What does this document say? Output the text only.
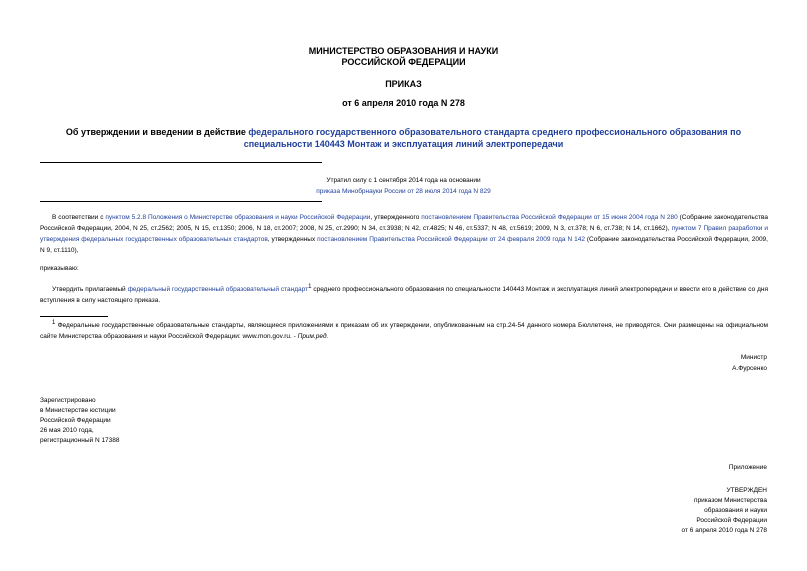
МИНИСТЕРСТВО ОБРАЗОВАНИЯ И НАУКИ
РОССИЙСКОЙ ФЕДЕРАЦИИ
ПРИКАЗ
от 6 апреля 2010 года N 278
Об утверждении и введении в действие федерального государственного образовательного стандарта среднего профессионального образования по специальности 140443 Монтаж и эксплуатация линий электропередачи
Утратил силу с 1 сентября 2014 года на основании
приказа Минобрнауки России от 28 июля 2014 года N 829
В соответствии с пунктом 5.2.8 Положения о Министерстве образования и науки Российской Федерации, утвержденного постановлением Правительства Российской Федерации от 15 июня 2004 года N 280 (Собрание законодательства Российской Федерации, 2004, N 25, ст.2562; 2005, N 15, ст.1350; 2006, N 18, ст.2007; 2008, N 25, ст.2990; N 34, ст.3938; N 42, ст.4825; N 46, ст.5337; N 48, ст.5619; 2009, N 3, ст.378; N 6, ст.738; N 14, ст.1662), пунктом 7 Правил разработки и утверждения федеральных государственных образовательных стандартов, утвержденных постановлением Правительства Российской Федерации от 24 февраля 2009 года N 142 (Собрание законодательства Российской Федерации, 2009, N 9, ст.1110),
приказываю:
Утвердить прилагаемый федеральный государственный образовательный стандарт1 среднего профессионального образования по специальности 140443 Монтаж и эксплуатация линий электропередачи и ввести его в действие со дня вступления в силу настоящего приказа.
1 Федеральные государственные образовательные стандарты, являющиеся приложениями к приказам об их утверждении, опубликованным на стр.24-54 данного номера Бюллетеня, не приводятся. Они размещены на официальном сайте Министерства образования и науки Российской Федерации: www.mon.gov.ru. - Прим.ред.
Министр
А.Фурсенко
Зарегистрировано
в Министерстве юстиции
Российской Федерации
26 мая 2010 года,
регистрационный N 17388
Приложение
УТВЕРЖДЕН
приказом Министерства
образования и науки
Российской Федерации
от 6 апреля 2010 года N 278
